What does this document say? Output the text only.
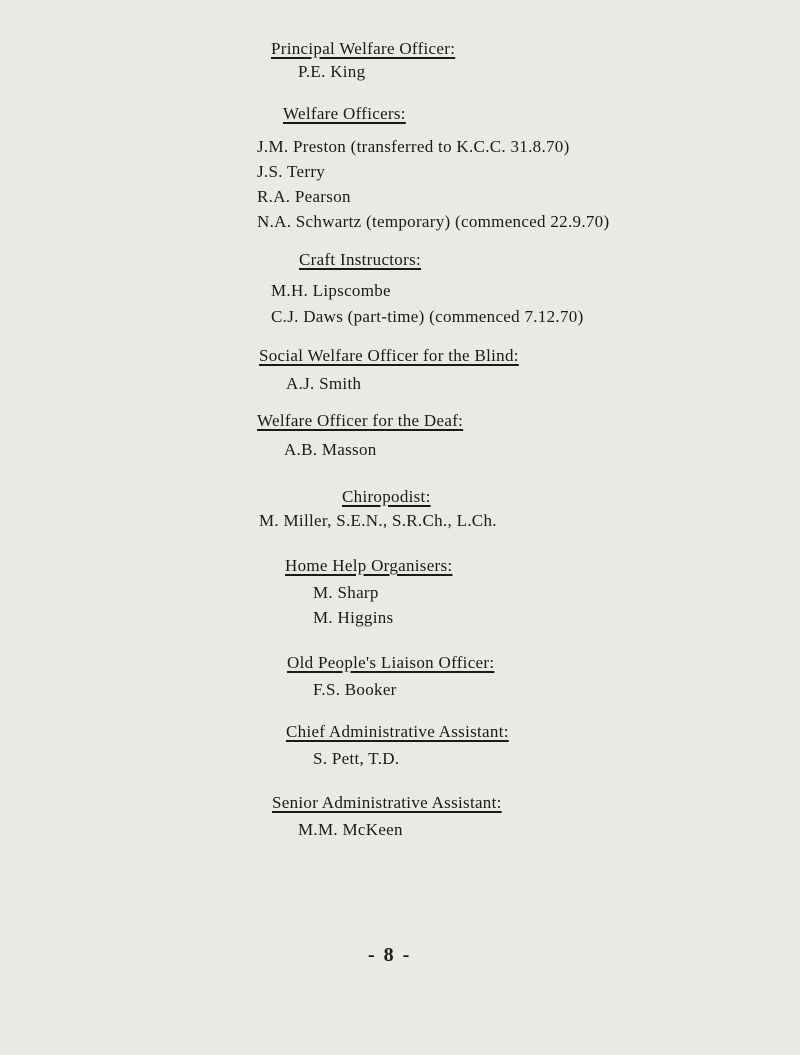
Principal Welfare Officer:
P.E. King
Welfare Officers:
J.M. Preston (transferred to K.C.C. 31.8.70)
J.S. Terry
R.A. Pearson
N.A. Schwartz (temporary) (commenced 22.9.70)
Craft Instructors:
M.H. Lipscombe
C.J. Daws (part-time) (commenced 7.12.70)
Social Welfare Officer for the Blind:
A.J. Smith
Welfare Officer for the Deaf:
A.B. Masson
Chiropodist:
M. Miller, S.E.N., S.R.Ch., L.Ch.
Home Help Organisers:
M. Sharp
M. Higgins
Old People's Liaison Officer:
F.S. Booker
Chief Administrative Assistant:
S. Pett, T.D.
Senior Administrative Assistant:
M.M. McKeen
- 8 -
